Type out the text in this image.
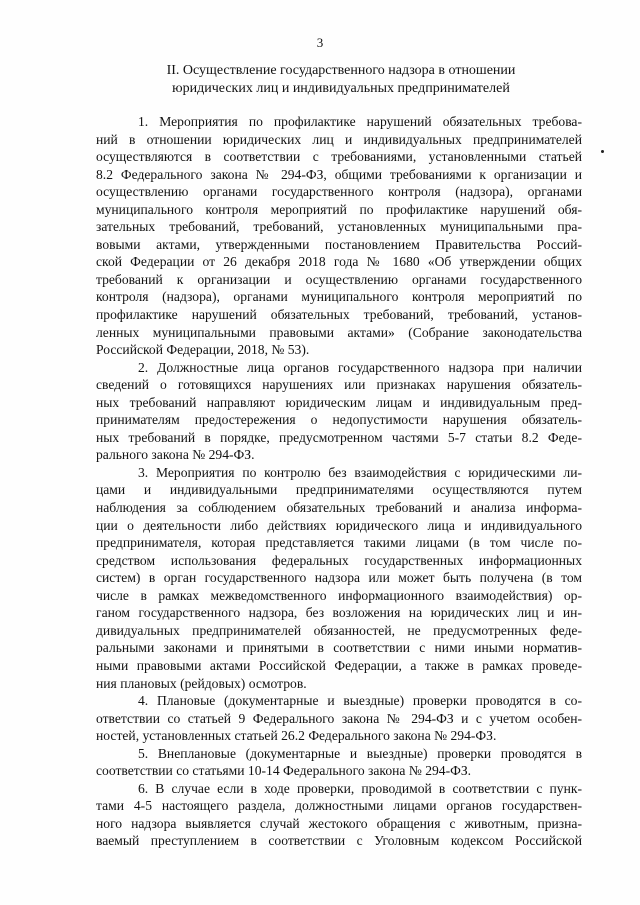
3
II. Осуществление государственного надзора в отношении
юридических лиц и индивидуальных предпринимателей
1. Мероприятия по профилактике нарушений обязательных требова-
ний в отношении юридических лиц и индивидуальных предпринимателей
осуществляются в соответствии с требованиями, установленными статьей
8.2 Федерального закона № 294-ФЗ, общими требованиями к организации и
осуществлению органами государственного контроля (надзора), органами
муниципального контроля мероприятий по профилактике нарушений обя-
зательных требований, требований, установленных муниципальными пра-
вовыми актами, утвержденными постановлением Правительства Россий-
ской Федерации от 26 декабря 2018 года № 1680 «Об утверждении общих
требований к организации и осуществлению органами государственного
контроля (надзора), органами муниципального контроля мероприятий по
профилактике нарушений обязательных требований, требований, установ-
ленных муниципальными правовыми актами» (Собрание законодательства
Российской Федерации, 2018, № 53).
2. Должностные лица органов государственного надзора при наличии
сведений о готовящихся нарушениях или признаках нарушения обязатель-
ных требований направляют юридическим лицам и индивидуальным пред-
принимателям предостережения о недопустимости нарушения обязатель-
ных требований в порядке, предусмотренном частями 5-7 статьи 8.2 Феде-
рального закона № 294-ФЗ.
3. Мероприятия по контролю без взаимодействия с юридическими ли-
цами и индивидуальными предпринимателями осуществляются путем
наблюдения за соблюдением обязательных требований и анализа информа-
ции о деятельности либо действиях юридического лица и индивидуального
предпринимателя, которая представляется такими лицами (в том числе по-
средством использования федеральных государственных информационных
систем) в орган государственного надзора или может быть получена (в том
числе в рамках межведомственного информационного взаимодействия) ор-
ганом государственного надзора, без возложения на юридических лиц и ин-
дивидуальных предпринимателей обязанностей, не предусмотренных феде-
ральными законами и принятыми в соответствии с ними иными норматив-
ными правовыми актами Российской Федерации, а также в рамках проведе-
ния плановых (рейдовых) осмотров.
4. Плановые (документарные и выездные) проверки проводятся в со-
ответствии со статьей 9 Федерального закона № 294-ФЗ и с учетом особен-
ностей, установленных статьей 26.2 Федерального закона № 294-ФЗ.
5. Внеплановые (документарные и выездные) проверки проводятся в
соответствии со статьями 10-14 Федерального закона № 294-ФЗ.
6. В случае если в ходе проверки, проводимой в соответствии с пунк-
тами 4-5 настоящего раздела, должностными лицами органов государствен-
ного надзора выявляется случай жестокого обращения с животным, призна-
ваемый преступлением в соответствии с Уголовным кодексом Российской
